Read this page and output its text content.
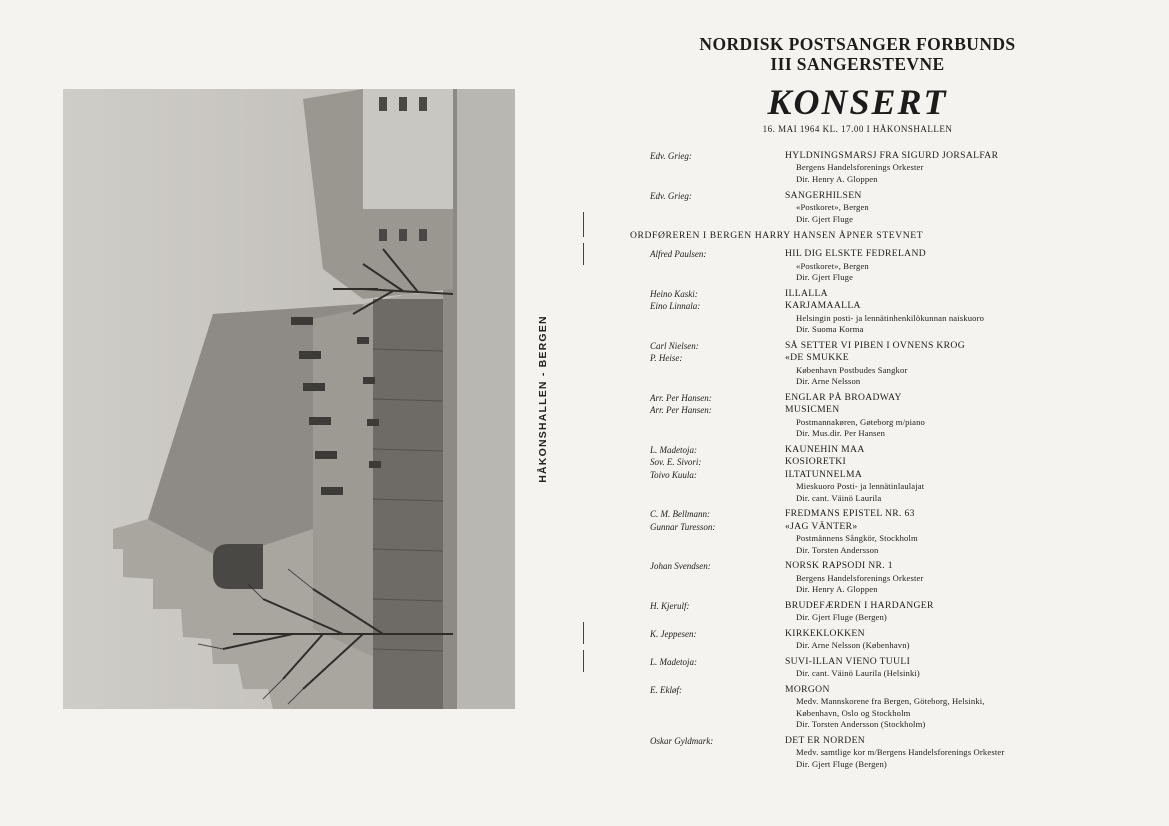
HÅKONSHALLEN - BERGEN
NORDISK POSTSANGER FORBUNDS
III SANGERSTEVNE
KONSERT
16. MAI 1964 KL. 17.00 I HÅKONSHALLEN
Edv. Grieg:	HYLDNINGSMARSJ FRA SIGURD JORSALFAR
Bergens Handelsforenings Orkester
Dir. Henry A. Gloppen
Edv. Grieg:	SANGERHILSEN
«Postkoret», Bergen
Dir. Gjert Fluge
ORDFØREREN I BERGEN HARRY HANSEN ÅPNER STEVNET
Alfred Paulsen:	HIL DIG ELSKTE FEDRELAND
«Postkoret», Bergen
Dir. Gjert Fluge
Heino Kaski:	ILLALLA
Eino Linnala:	KARJAMAALLA
Helsingin posti- ja lennätinhenkilökunnan naiskuoro
Dir. Suoma Korma
Carl Nielsen:	SÅ SETTER VI PIBEN I OVNENS KROG
P. Heise:	«DE SMUKKE
København Postbudes Sangkor
Dir. Arne Nelsson
Arr. Per Hansen:	ENGLAR PÅ BROADWAY
Arr. Per Hansen:	MUSICMEN
Postmannakøren, Gøteborg m/piano
Dir. Mus.dir. Per Hansen
L. Madetoja:	KAUNEHIN MAA
Sov. E. Sivori:	KOSIORETKI
Toivo Kuula:	ILTATUNNELMA
Mieskuoro Posti- ja lennätinlaulajat
Dir. cant. Väinö Laurila
C. M. Bellmann:	FREDMANS EPISTEL NR. 63
Gunnar Turesson:	«JAG VÄNTER»
Postmännens Sångkör, Stockholm
Dir. Torsten Andersson
Johan Svendsen:	NORSK RAPSODI NR. 1
Bergens Handelsforenings Orkester
Dir. Henry A. Gloppen
H. Kjerulf:	BRUDEFÆRDEN I HARDANGER
Dir. Gjert Fluge (Bergen)
K. Jeppesen:	KIRKEKLOKKEN
Dir. Arne Nelsson (København)
L. Madetoja:	SUVI-ILLAN VIENO TUULI
Dir. cant. Väinö Laurila (Helsinki)
E. Ekløf:	MORGON
Medv. Mannskorene fra Bergen, Göteborg, Helsinki,
København, Oslo og Stockholm
Dir. Torsten Andersson (Stockholm)
Oskar Gyldmark:	DET ER NORDEN
Medv. samtlige kor m/Bergens Handelsforenings Orkester
Dir. Gjert Fluge (Bergen)
